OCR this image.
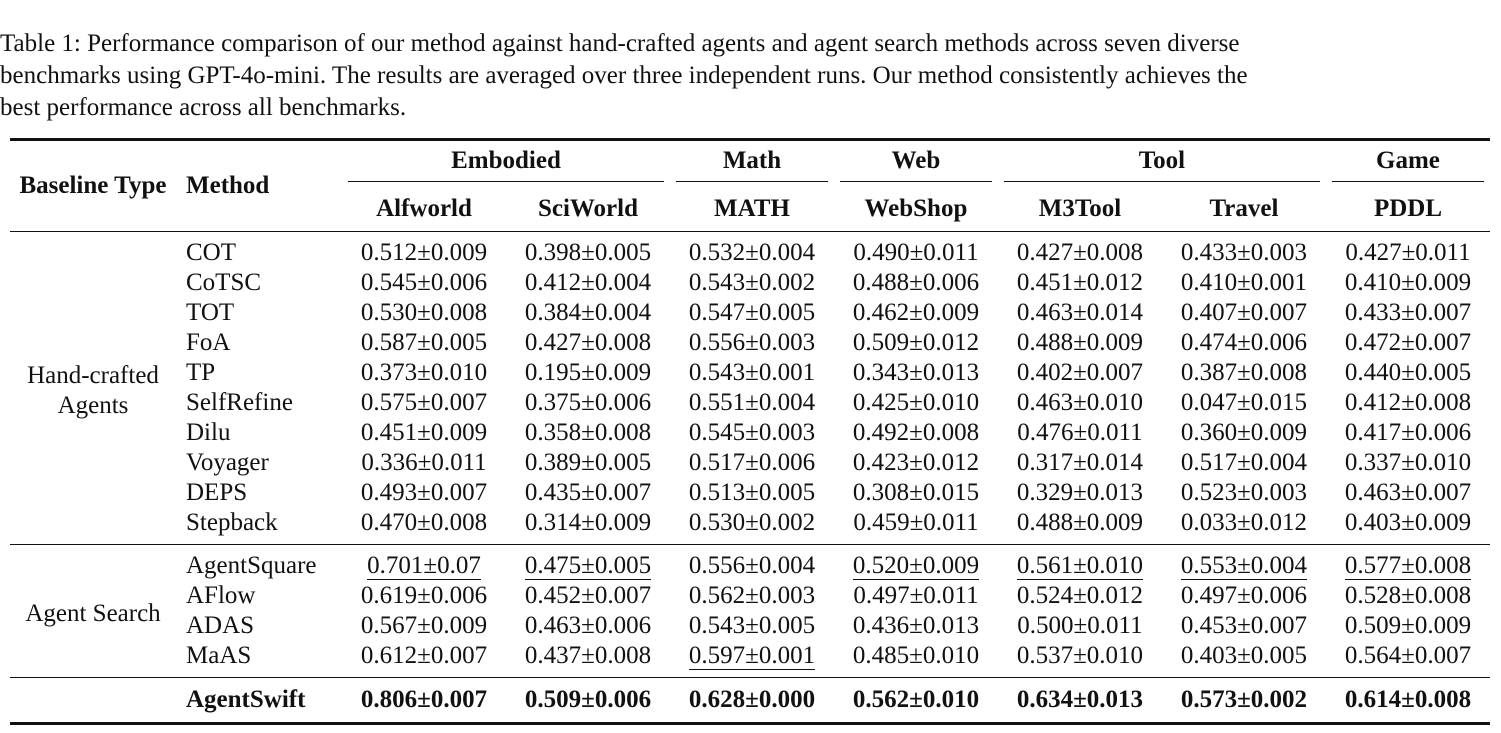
Table 1: Performance comparison of our method against hand-crafted agents and agent search methods across seven diverse
benchmarks using GPT-4o-mini. The results are averaged over three independent runs. Our method consistently achieves the
best performance across all benchmarks.
Baseline Type	Method	Embodied		Math	Web	Tool		Game

		Alfworld	SciWorld	MATH	WebShop	M3Tool	Travel	PDDL

Hand-crafted
Agents	COT	0.512±0.009	0.398±0.005	0.532±0.004	0.490±0.011	0.427±0.008	0.433±0.003	0.427±0.011
	CoTSC	0.545±0.006	0.412±0.004	0.543±0.002	0.488±0.006	0.451±0.012	0.410±0.001	0.410±0.009
	TOT	0.530±0.008	0.384±0.004	0.547±0.005	0.462±0.009	0.463±0.014	0.407±0.007	0.433±0.007
	FoA	0.587±0.005	0.427±0.008	0.556±0.003	0.509±0.012	0.488±0.009	0.474±0.006	0.472±0.007
	TP	0.373±0.010	0.195±0.009	0.543±0.001	0.343±0.013	0.402±0.007	0.387±0.008	0.440±0.005
	SelfRefine	0.575±0.007	0.375±0.006	0.551±0.004	0.425±0.010	0.463±0.010	0.047±0.015	0.412±0.008
	Dilu	0.451±0.009	0.358±0.008	0.545±0.003	0.492±0.008	0.476±0.011	0.360±0.009	0.417±0.006
	Voyager	0.336±0.011	0.389±0.005	0.517±0.006	0.423±0.012	0.317±0.014	0.517±0.004	0.337±0.010
	DEPS	0.493±0.007	0.435±0.007	0.513±0.005	0.308±0.015	0.329±0.013	0.523±0.003	0.463±0.007
	Stepback	0.470±0.008	0.314±0.009	0.530±0.002	0.459±0.011	0.488±0.009	0.033±0.012	0.403±0.009
Agent Search	AgentSquare	0.701±0.07	0.475±0.005	0.556±0.004	0.520±0.009	0.561±0.010	0.553±0.004	0.577±0.008
	AFlow	0.619±0.006	0.452±0.007	0.562±0.003	0.497±0.011	0.524±0.012	0.497±0.006	0.528±0.008
	ADAS	0.567±0.009	0.463±0.006	0.543±0.005	0.436±0.013	0.500±0.011	0.453±0.007	0.509±0.009
	MaAS	0.612±0.007	0.437±0.008	0.597±0.001	0.485±0.010	0.537±0.010	0.403±0.005	0.564±0.007
	AgentSwift	0.806±0.007	0.509±0.006	0.628±0.000	0.562±0.010	0.634±0.013	0.573±0.002	0.614±0.008
